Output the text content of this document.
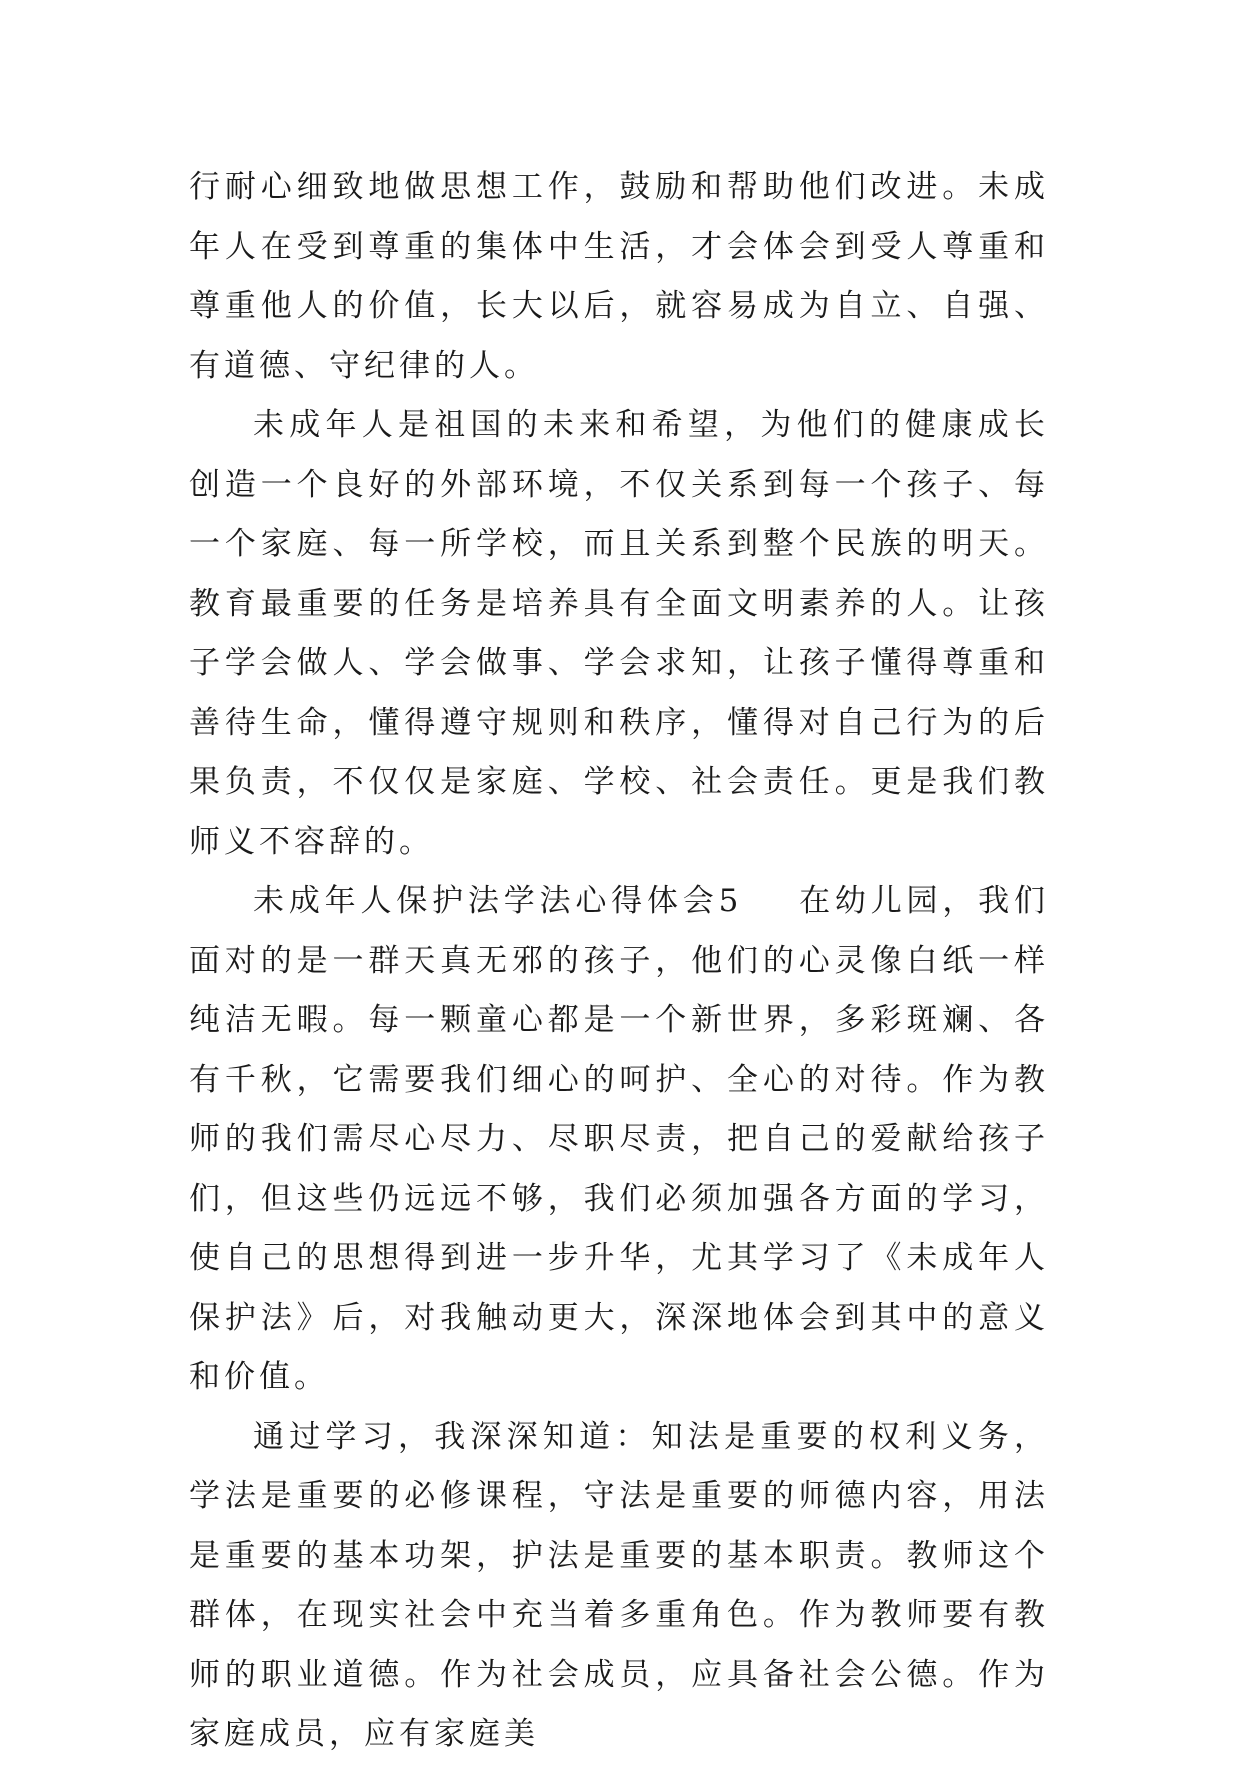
行耐心细致地做思想工作，鼓励和帮助他们改进。未成年人在受到尊重的集体中生活，才会体会到受人尊重和尊重他人的价值，长大以后，就容易成为自立、自强、有道德、守纪律的人。

未成年人是祖国的未来和希望，为他们的健康成长创造一个良好的外部环境，不仅关系到每一个孩子、每一个家庭、每一所学校，而且关系到整个民族的明天。教育最重要的任务是培养具有全面文明素养的人。让孩子学会做人、学会做事、学会求知，让孩子懂得尊重和善待生命，懂得遵守规则和秩序，懂得对自己行为的后果负责，不仅仅是家庭、学校、社会责任。更是我们教师义不容辞的。

未成年人保护法学法心得体会5 在幼儿园，我们面对的是一群天真无邪的孩子，他们的心灵像白纸一样纯洁无暇。每一颗童心都是一个新世界，多彩斑斓、各有千秋，它需要我们细心的呵护、全心的对待。作为教师的我们需尽心尽力、尽职尽责，把自己的爱献给孩子们，但这些仍远远不够，我们必须加强各方面的学习，使自己的思想得到进一步升华，尤其学习了《未成年人保护法》后，对我触动更大，深深地体会到其中的意义和价值。

通过学习，我深深知道：知法是重要的权利义务，学法是重要的必修课程，守法是重要的师德内容，用法是重要的基本功架，护法是重要的基本职责。教师这个群体，在现实社会中充当着多重角色。作为教师要有教师的职业道德。作为社会成员，应具备社会公德。作为家庭成员，应有家庭美
